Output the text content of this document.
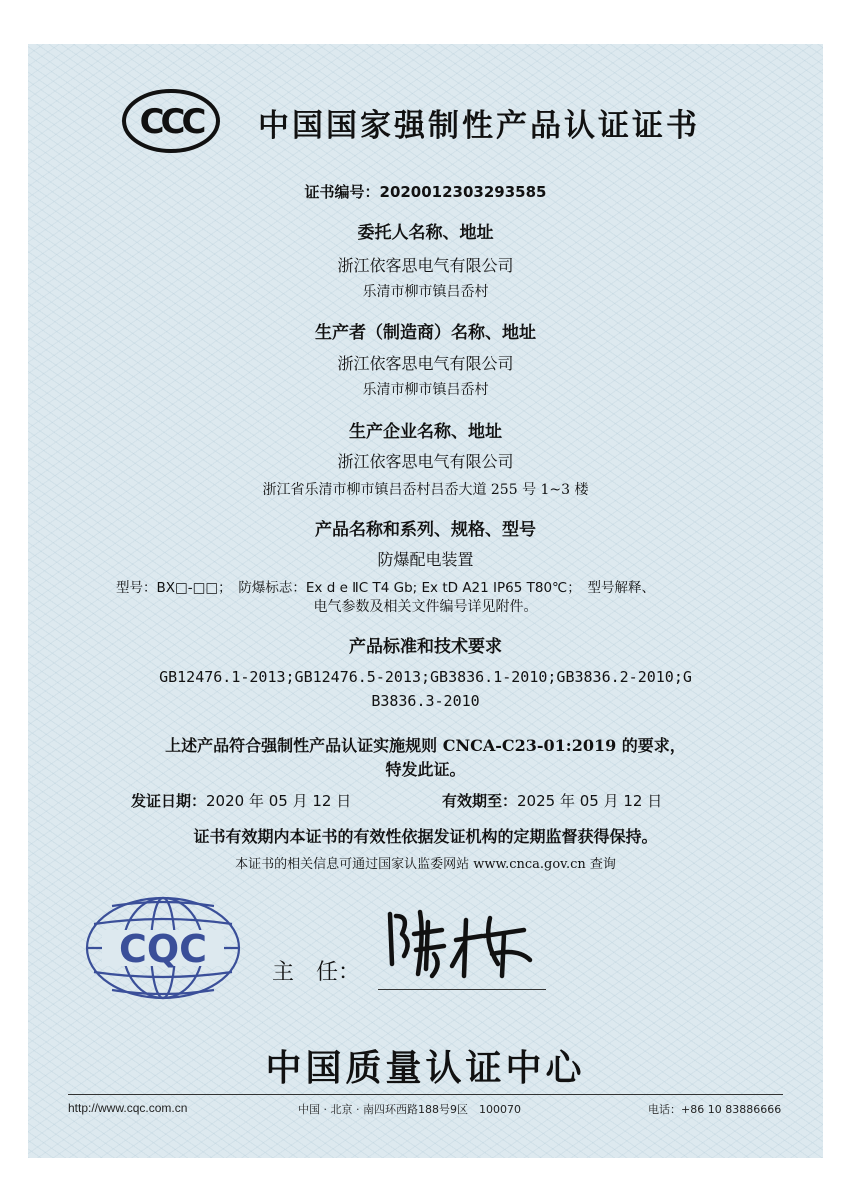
CCC 中国国家强制性产品认证证书
证书编号：2020012303293585
委托人名称、地址
浙江依客思电气有限公司
乐清市柳市镇吕岙村
生产者（制造商）名称、地址
浙江依客思电气有限公司
乐清市柳市镇吕岙村
生产企业名称、地址
浙江依客思电气有限公司
浙江省乐清市柳市镇吕岙村吕岙大道 255 号 1~3 楼
产品名称和系列、规格、型号
防爆配电装置
型号：BX□-□□；　防爆标志：Ex d e ⅡC T4 Gb; Ex tD A21 IP65 T80℃；　型号解释、
电气参数及相关文件编号详见附件。
产品标准和技术要求
GB12476.1-2013;GB12476.5-2013;GB3836.1-2010;GB3836.2-2010;G
B3836.3-2010
上述产品符合强制性产品认证实施规则 CNCA-C23-01:2019 的要求，
特发此证。
发证日期：2020 年 05 月 12 日	有效期至：2025 年 05 月 12 日
证书有效期内本证书的有效性依据发证机构的定期监督获得保持。
本证书的相关信息可通过国家认监委网站 www.cnca.gov.cn 查询
CQC
主　任：
中国质量认证中心
http://www.cqc.com.cn	中国 · 北京 · 南四环西路188号9区　100070	电话：+86 10 83886666
